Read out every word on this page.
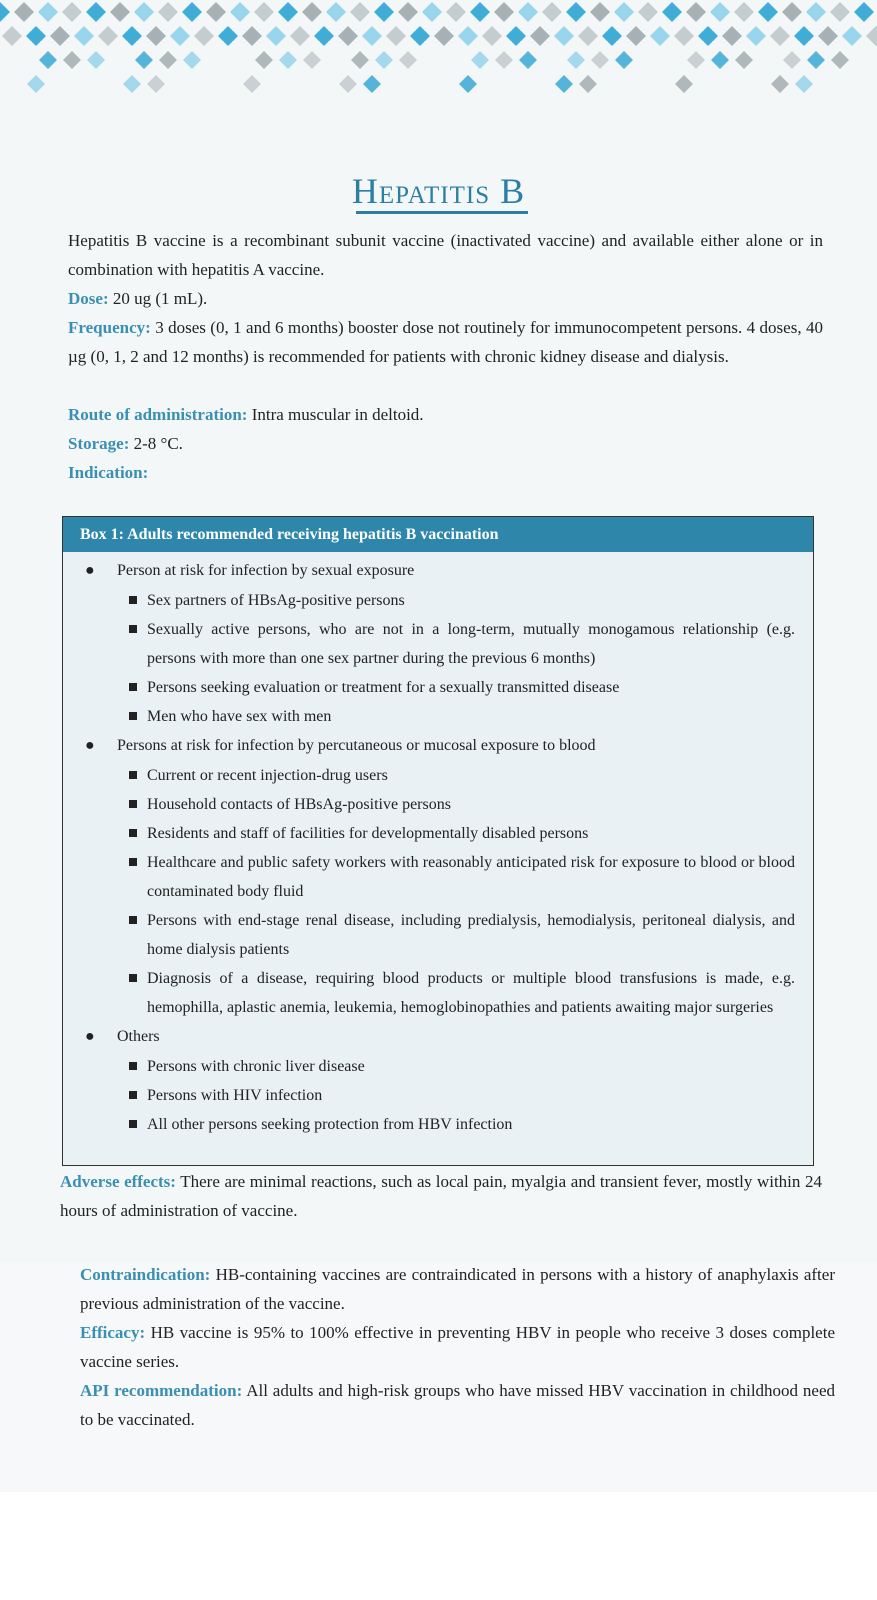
Hepatitis B
Hepatitis B vaccine is a recombinant subunit vaccine (inactivated vaccine) and available either alone or in combination with hepatitis A vaccine.
Dose: 20 ug (1 mL).
Frequency: 3 doses (0, 1 and 6 months) booster dose not routinely for immunocompetent persons. 4 doses, 40 µg (0, 1, 2 and 12 months) is recommended for patients with chronic kidney disease and dialysis.
Route of administration: Intra muscular in deltoid.
Storage: 2-8 °C.
Indication:
Box 1: Adults recommended receiving hepatitis B vaccination
● Person at risk for infection by sexual exposure
Sex partners of HBsAg-positive persons
Sexually active persons, who are not in a long-term, mutually monogamous relationship (e.g. persons with more than one sex partner during the previous 6 months)
Persons seeking evaluation or treatment for a sexually transmitted disease
Men who have sex with men
● Persons at risk for infection by percutaneous or mucosal exposure to blood
Current or recent injection-drug users
Household contacts of HBsAg-positive persons
Residents and staff of facilities for developmentally disabled persons
Healthcare and public safety workers with reasonably anticipated risk for exposure to blood or blood contaminated body fluid
Persons with end-stage renal disease, including predialysis, hemodialysis, peritoneal dialysis, and home dialysis patients
Diagnosis of a disease, requiring blood products or multiple blood transfusions is made, e.g. hemophilla, aplastic anemia, leukemia, hemoglobinopathies and patients awaiting major surgeries
● Others
Persons with chronic liver disease
Persons with HIV infection
All other persons seeking protection from HBV infection
Adverse effects: There are minimal reactions, such as local pain, myalgia and transient fever, mostly within 24 hours of administration of vaccine.
Contraindication: HB-containing vaccines are contraindicated in persons with a history of anaphylaxis after previous administration of the vaccine.
Efficacy: HB vaccine is 95% to 100% effective in preventing HBV in people who receive 3 doses complete vaccine series.
API recommendation: All adults and high-risk groups who have missed HBV vaccination in childhood need to be vaccinated.
